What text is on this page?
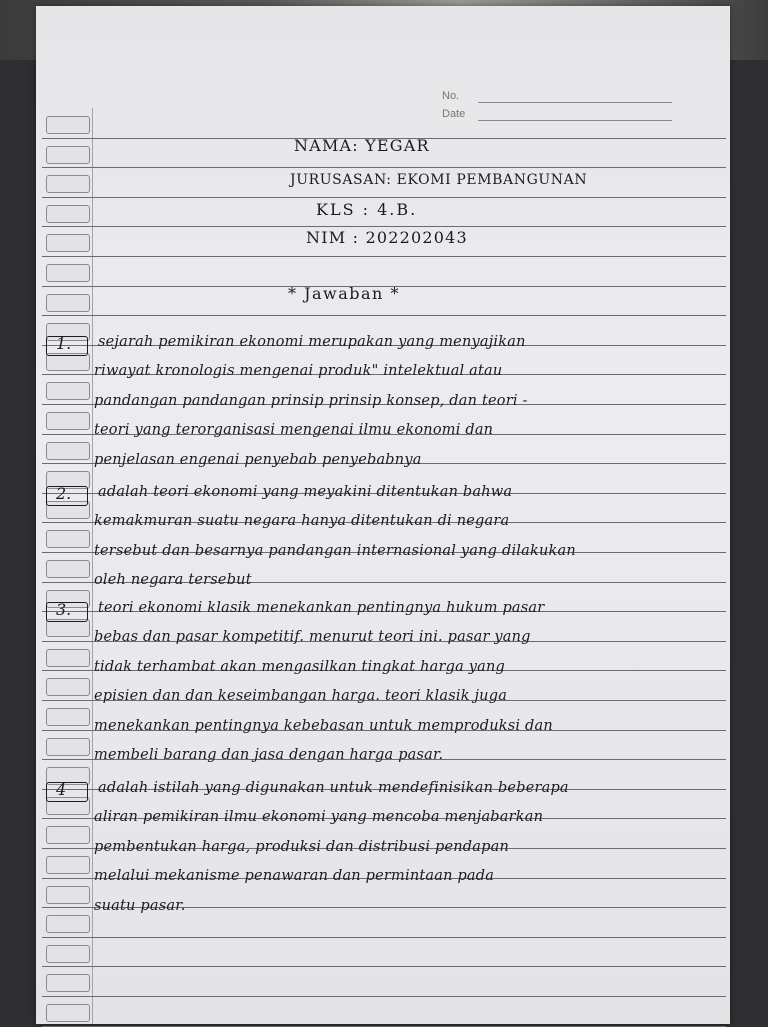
No.
Date
NAMA: YEGAR
JURUSASAN: EKOMI PEMBANGUNAN
KLS : 4.B.
NIM : 202202043
* Jawaban *
1. sejarah pemikiran ekonomi merupakan yang menyajikan
riwayat kronologis mengenai produk" intelektual atau
pandangan pandangan prinsip prinsip konsep, dan teori -
teori yang terorganisasi mengenai ilmu ekonomi dan
penjelasan engenai penyebab penyebabnya
2. adalah teori ekonomi yang meyakini ditentukan bahwa
kemakmuran suatu negara hanya ditentukan di negara
tersebut dan besarnya pandangan internasional yang dilakukan
oleh negara tersebut
3. teori ekonomi klasik menekankan pentingnya hukum pasar
bebas dan pasar kompetitif. menurut teori ini. pasar yang
tidak terhambat akan mengasilkan tingkat harga yang
episien dan dan keseimbangan harga. teori klasik juga
menekankan pentingnya kebebasan untuk memproduksi dan
membeli barang dan jasa dengan harga pasar.
4 adalah istilah yang digunakan untuk mendefinisikan beberapa
aliran pemikiran ilmu ekonomi yang mencoba menjabarkan
pembentukan harga, produksi dan distribusi pendapan
melalui mekanisme penawaran dan permintaan pada
suatu pasar.
